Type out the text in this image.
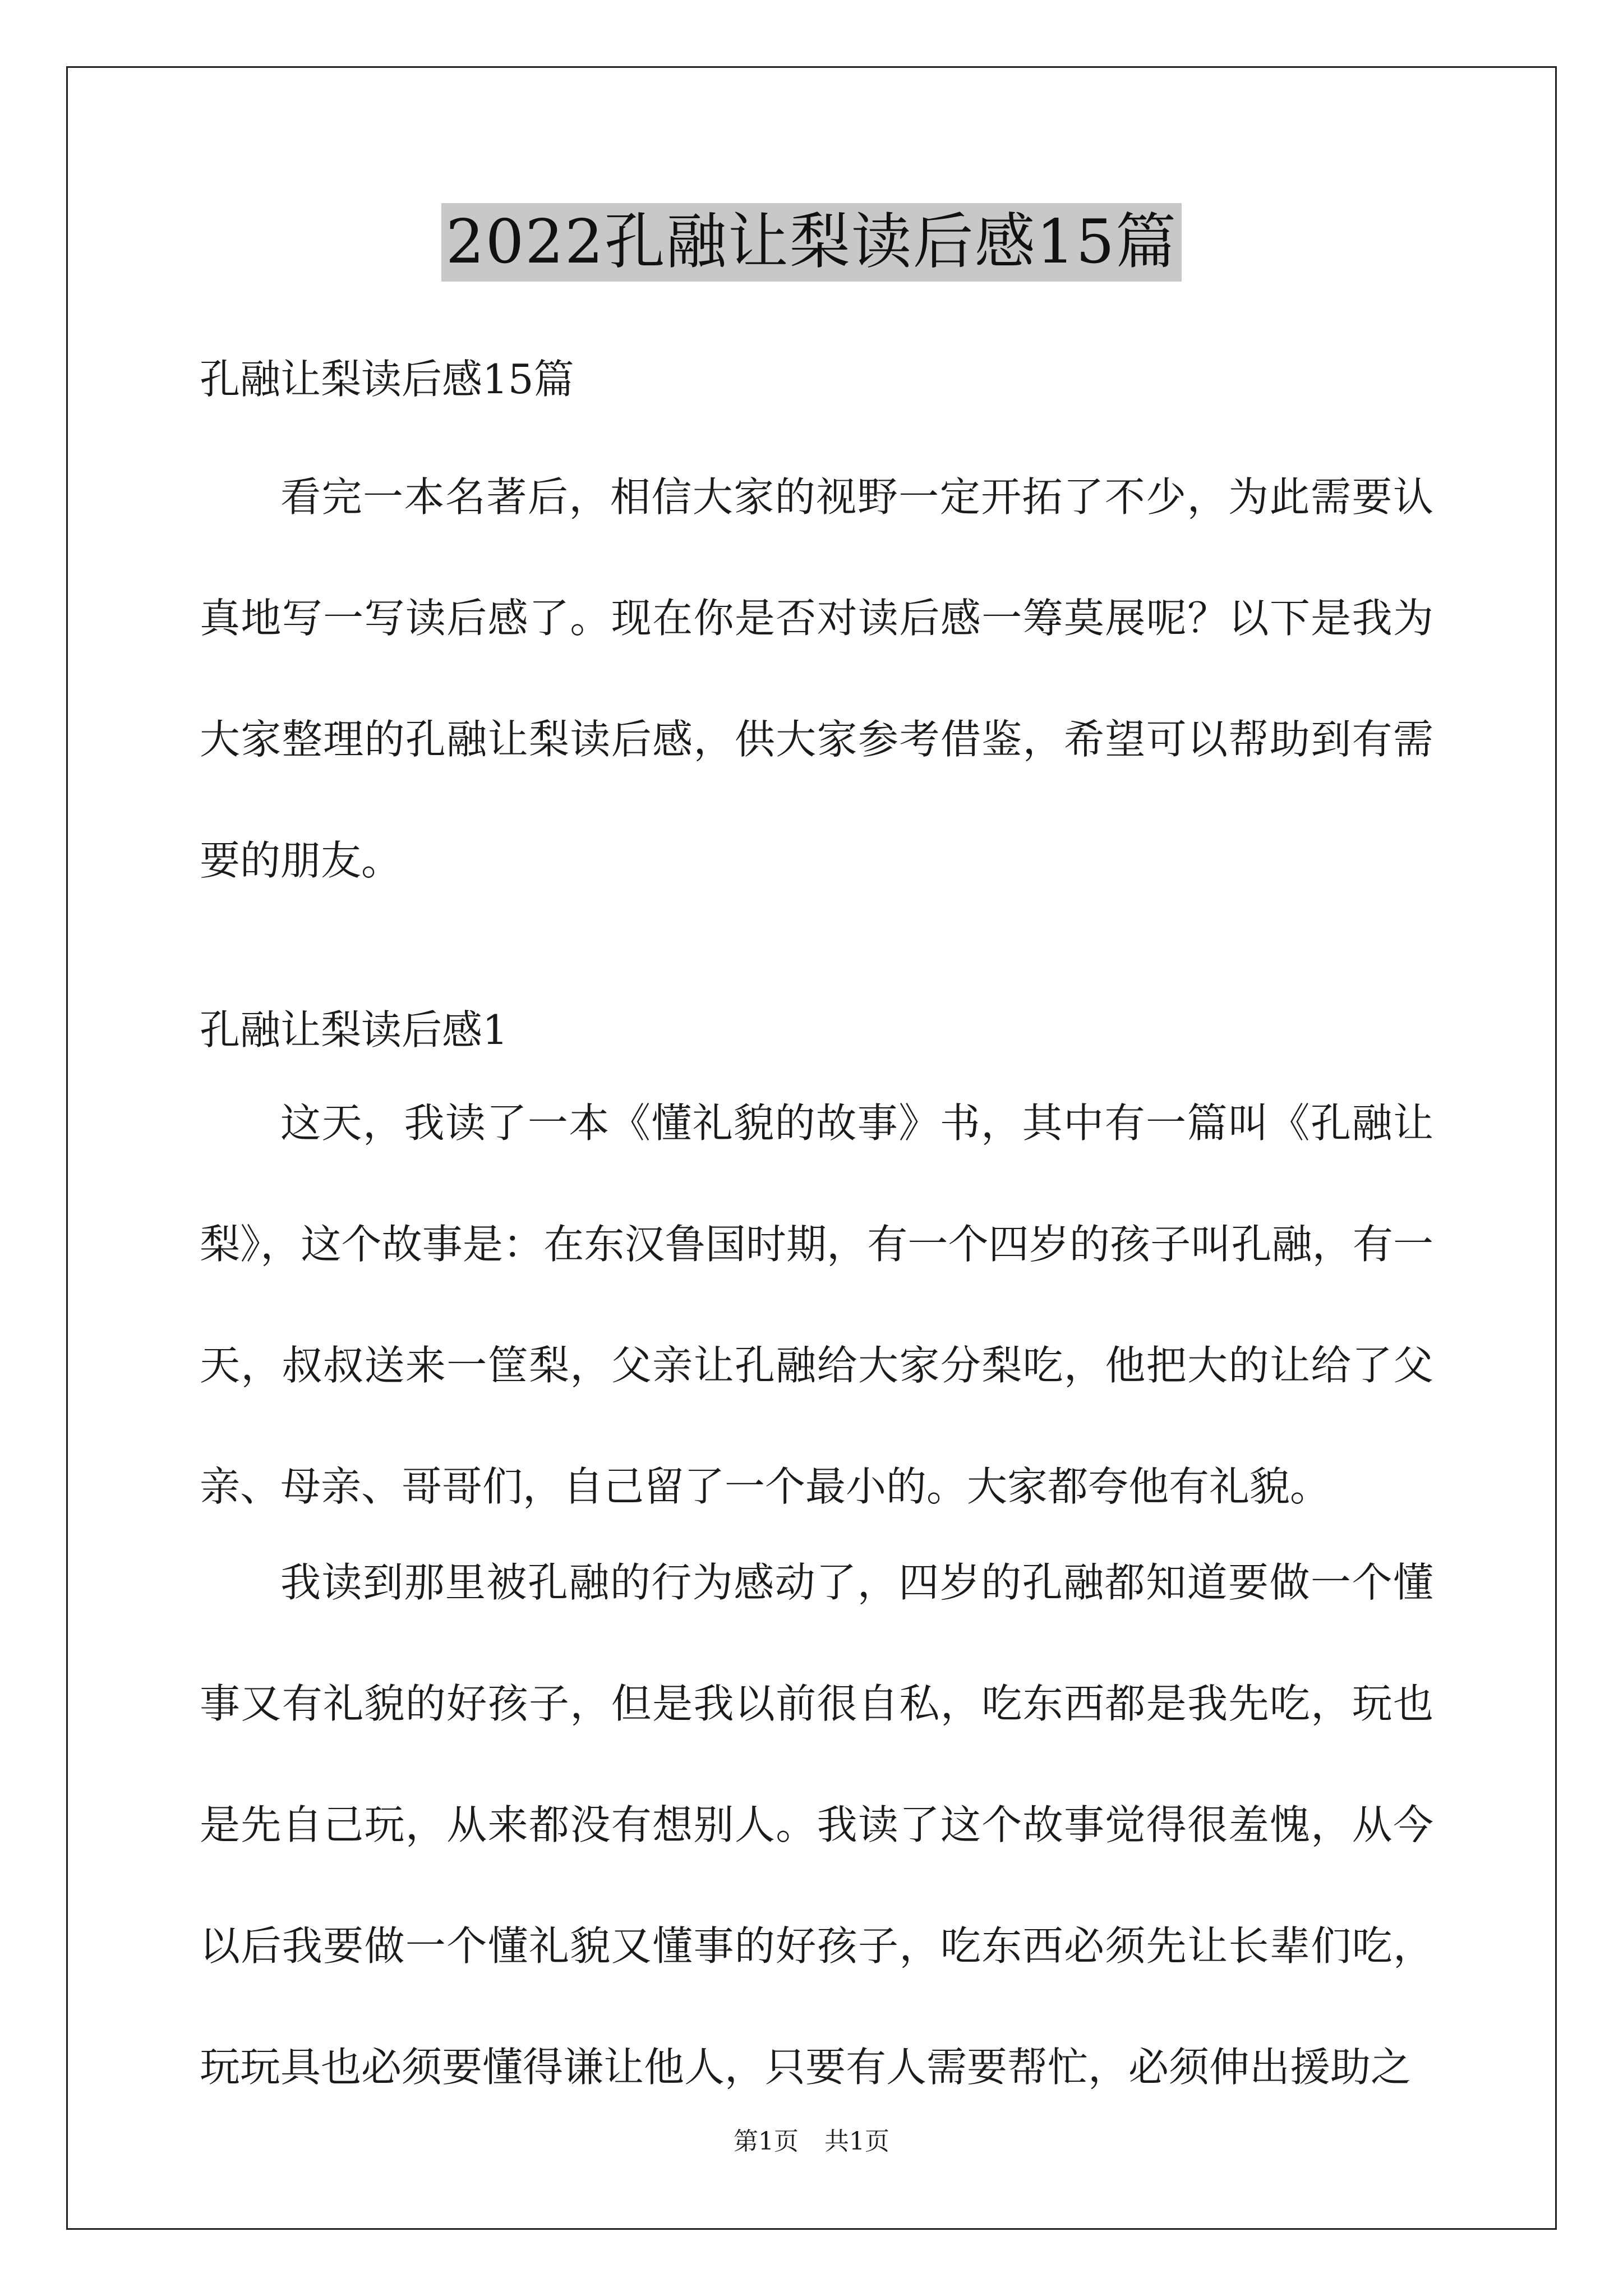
2022孔融让梨读后感15篇
孔融让梨读后感15篇

看完一本名著后，相信大家的视野一定开拓了不少，为此需要认真地写一写读后感了。现在你是否对读后感一筹莫展呢？以下是我为大家整理的孔融让梨读后感，供大家参考借鉴，希望可以帮助到有需要的朋友。

孔融让梨读后感1

这天，我读了一本《懂礼貌的故事》书，其中有一篇叫《孔融让梨》，这个故事是：在东汉鲁国时期，有一个四岁的孩子叫孔融，有一天，叔叔送来一筐梨，父亲让孔融给大家分梨吃，他把大的让给了父亲、母亲、哥哥们，自己留了一个最小的。大家都夸他有礼貌。

我读到那里被孔融的行为感动了，四岁的孔融都知道要做一个懂事又有礼貌的好孩子，但是我以前很自私，吃东西都是我先吃，玩也是先自己玩，从来都没有想别人。我读了这个故事觉得很羞愧，从今以后我要做一个懂礼貌又懂事的好孩子，吃东西必须先让长辈们吃，玩玩具也必须要懂得谦让他人，只要有人需要帮忙，必须伸出援助之

第1页 共1页
